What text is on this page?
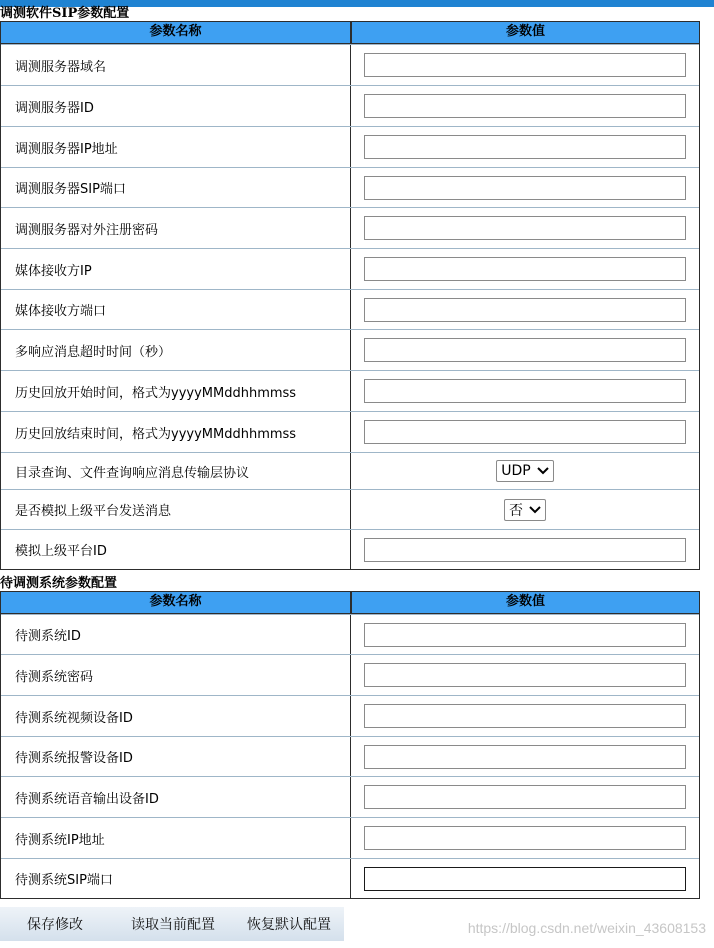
调测软件SIP参数配置
参数名称	参数值
调测服务器域名
调测服务器ID
调测服务器IP地址
调测服务器SIP端口
调测服务器对外注册密码
媒体接收方IP
媒体接收方端口
多响应消息超时时间（秒）
历史回放开始时间，格式为yyyyMMddhhmmss
历史回放结束时间，格式为yyyyMMddhhmmss
目录查询、文件查询响应消息传输层协议	UDP
是否模拟上级平台发送消息	否
模拟上级平台ID
待调测系统参数配置
参数名称	参数值
待测系统ID
待测系统密码
待测系统视频设备ID
待测系统报警设备ID
待测系统语音输出设备ID
待测系统IP地址
待测系统SIP端口
保存修改	读取当前配置 恢复默认配置	https://blog.csdn.net/weixin_43608153
